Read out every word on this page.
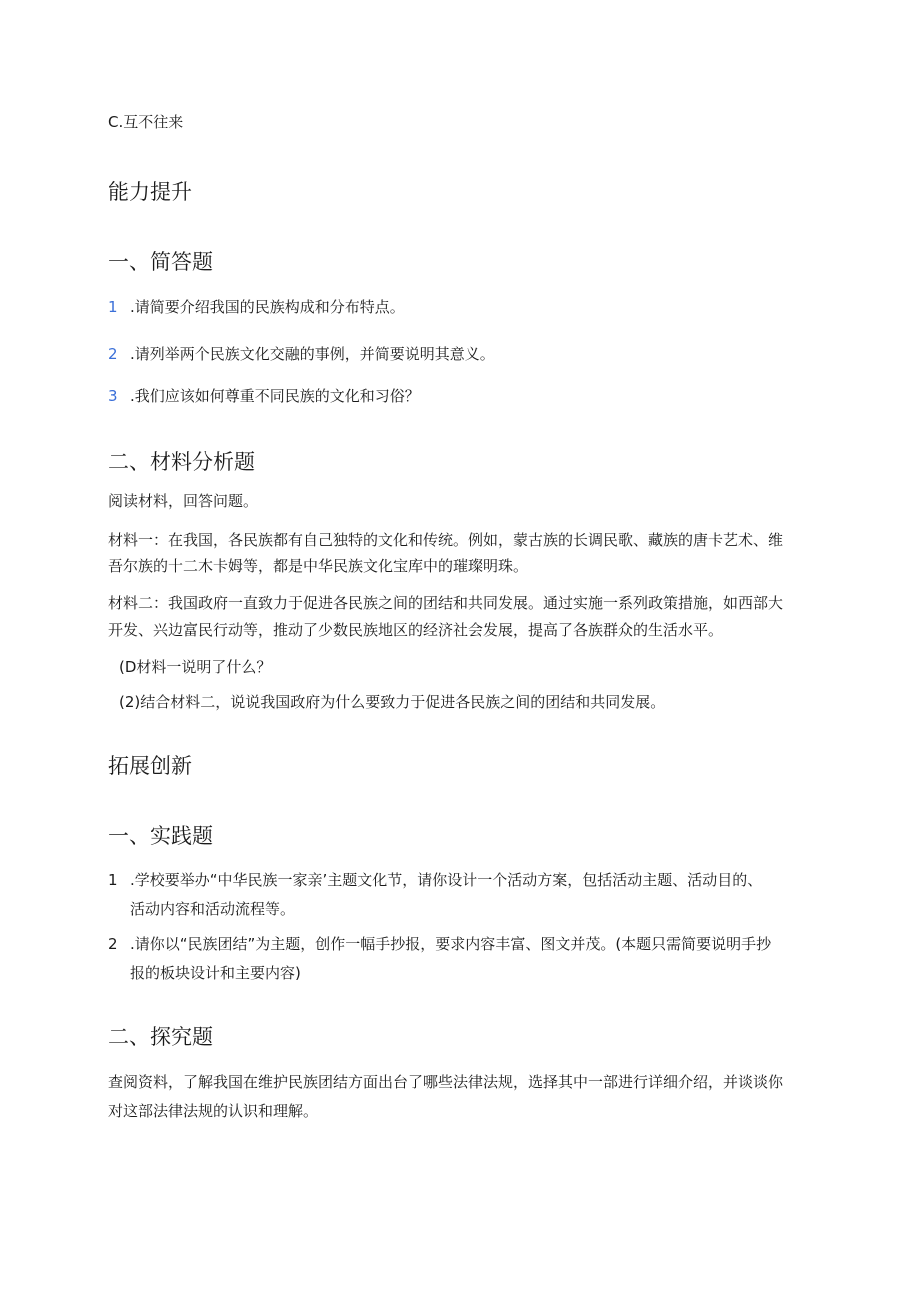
C.互不往来
能力提升
一、简答题
1 .请简要介绍我国的民族构成和分布特点。
2 .请列举两个民族文化交融的事例，并简要说明其意义。
3 .我们应该如何尊重不同民族的文化和习俗？
二、材料分析题
阅读材料，回答问题。
材料一：在我国，各民族都有自己独特的文化和传统。例如，蒙古族的长调民歌、藏族的唐卡艺术、维
吾尔族的十二木卡姆等，都是中华民族文化宝库中的璀璨明珠。
材料二：我国政府一直致力于促进各民族之间的团结和共同发展。通过实施一系列政策措施，如西部大
开发、兴边富民行动等，推动了少数民族地区的经济社会发展，提高了各族群众的生活水平。
(D材料一说明了什么？
(2)结合材料二，说说我国政府为什么要致力于促进各民族之间的团结和共同发展。
拓展创新
一、实践题
1 .学校要举办“中华民族一家亲’主题文化节，请你设计一个活动方案，包括活动主题、活动目的、
活动内容和活动流程等。
2 .请你以“民族团结”为主题，创作一幅手抄报，要求内容丰富、图文并茂。(本题只需简要说明手抄
报的板块设计和主要内容)
二、探究题
查阅资料，了解我国在维护民族团结方面出台了哪些法律法规，选择其中一部进行详细介绍，并谈谈你
对这部法律法规的认识和理解。
